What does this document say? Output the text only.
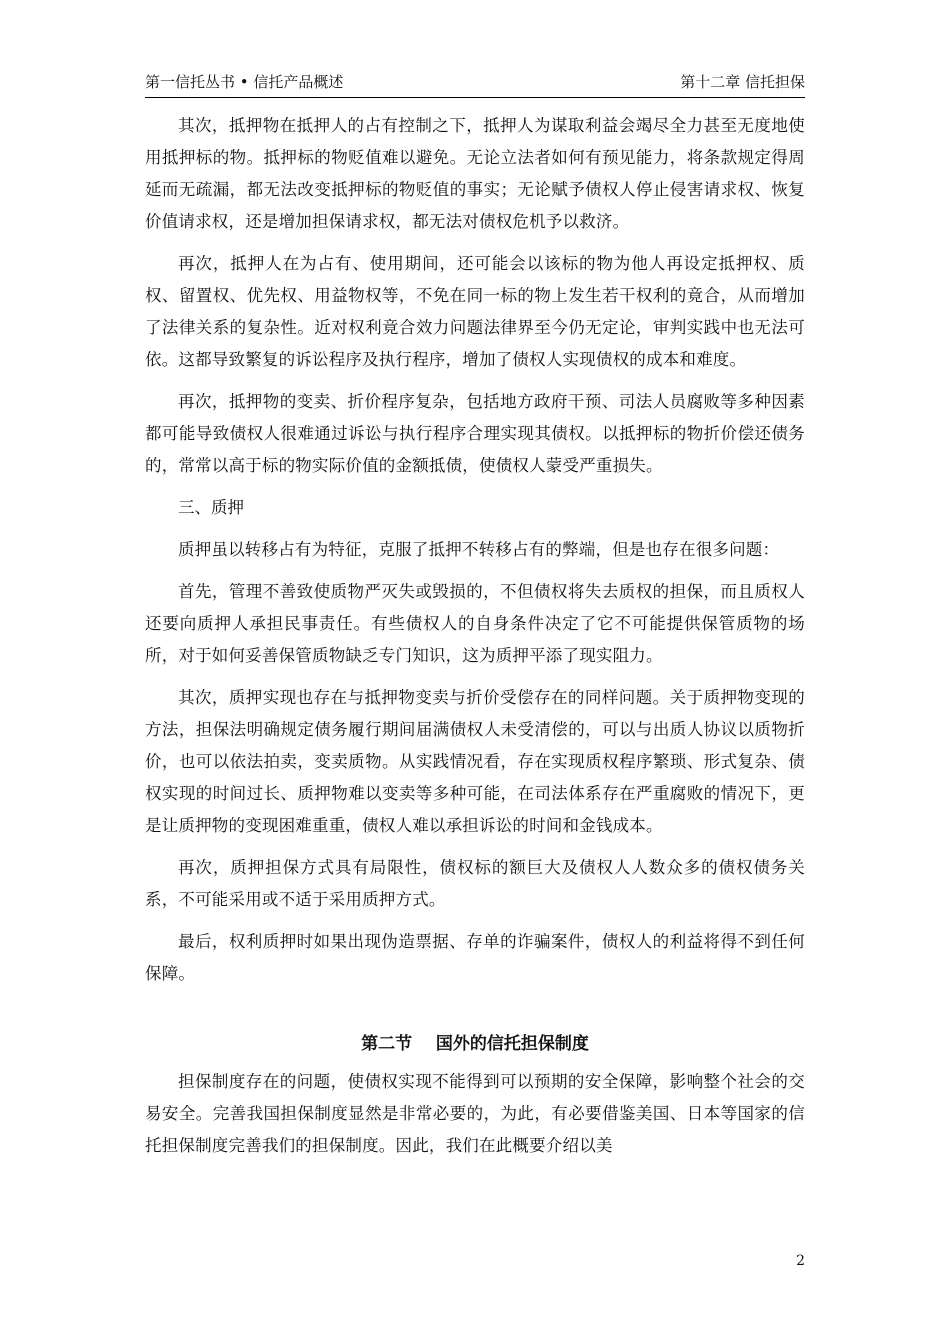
第一信托丛书 • 信托产品概述	第十二章 信托担保

其次，抵押物在抵押人的占有控制之下，抵押人为谋取利益会竭尽全力甚至无度地使用抵押标的物。抵押标的物贬值难以避免。无论立法者如何有预见能力，将条款规定得周延而无疏漏，都无法改变抵押标的物贬值的事实；无论赋予债权人停止侵害请求权、恢复价值请求权，还是增加担保请求权，都无法对债权危机予以救济。

再次，抵押人在为占有、使用期间，还可能会以该标的物为他人再设定抵押权、质权、留置权、优先权、用益物权等，不免在同一标的物上发生若干权利的竟合，从而增加了法律关系的复杂性。近对权利竟合效力问题法律界至今仍无定论，审判实践中也无法可依。这都导致繁复的诉讼程序及执行程序，增加了债权人实现债权的成本和难度。

再次，抵押物的变卖、折价程序复杂，包括地方政府干预、司法人员腐败等多种因素都可能导致债权人很难通过诉讼与执行程序合理实现其债权。以抵押标的物折价偿还债务的，常常以高于标的物实际价值的金额抵债，使债权人蒙受严重损失。

三、质押

质押虽以转移占有为特征，克服了抵押不转移占有的弊端，但是也存在很多问题：

首先，管理不善致使质物严灭失或毁损的，不但债权将失去质权的担保，而且质权人还要向质押人承担民事责任。有些债权人的自身条件决定了它不可能提供保管质物的场所，对于如何妥善保管质物缺乏专门知识，这为质押平添了现实阻力。

其次，质押实现也存在与抵押物变卖与折价受偿存在的同样问题。关于质押物变现的方法，担保法明确规定债务履行期间届满债权人未受清偿的，可以与出质人协议以质物折价，也可以依法拍卖，变卖质物。从实践情况看，存在实现质权程序繁琐、形式复杂、债权实现的时间过长、质押物难以变卖等多种可能，在司法体系存在严重腐败的情况下，更是让质押物的变现困难重重，债权人难以承担诉讼的时间和金钱成本。

再次，质押担保方式具有局限性，债权标的额巨大及债权人人数众多的债权债务关系，不可能采用或不适于采用质押方式。

最后，权利质押时如果出现伪造票据、存单的诈骗案件，债权人的利益将得不到任何保障。

第二节    国外的信托担保制度

担保制度存在的问题，使债权实现不能得到可以预期的安全保障，影响整个社会的交易安全。完善我国担保制度显然是非常必要的，为此，有必要借鉴美国、日本等国家的信托担保制度完善我们的担保制度。因此，我们在此概要介绍以美

2
